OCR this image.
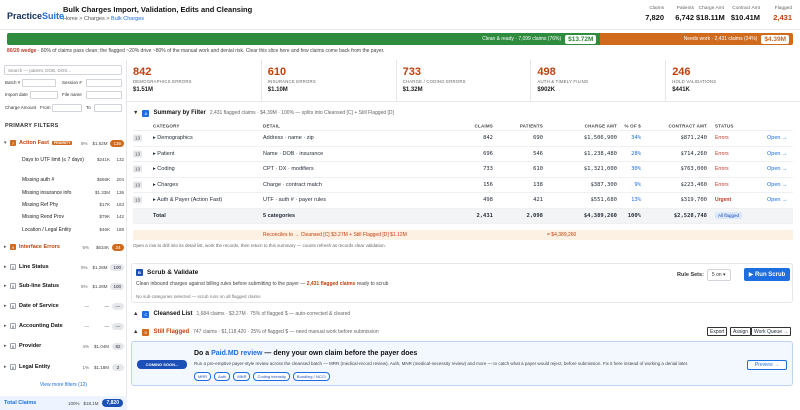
PracticeSuite
Bulk Charges Import, Validation, Edits and Cleansing
Home > Charges > Bulk Charges
Claims
7,820
Patients
6,742
Charge Amt
$18.11M
Contract Amt
$10.41M
Flagged
2,431
Clean & ready · 7,099 claims (76%)	$13.72M	Needs work · 2,431 claims (24%)	$4.39M
80/20 wedge · 80% of claims pass clean; the flagged ~20% drive ~80% of the manual work and denial risk. Clear this slice here and few claims come back from the payer.
Search — patient, DOB, DOS...
Batch #	Session #
Import date	File name
Charge Amount From	To
PRIMARY FILTERS
▾	7 Action Fast PRIORITY	8%	$1.62M	136
Days to UTF limit (≤ 7 days)	$241K	132
Missing auth #	$568K	204
Missing insurance info	$1.33M	136
Missing Ref Phy	$17K	163
Missing Rend Prov	$79K	142
Location / Legal Entity	$46K	188
▸	9 Interface Errors	5%	$634K	24
▸	5 Line Status	5%	$1.28M	100
▸	5 Sub-line Status	5%	$1.28M	100
▸	8 Date of Service	—	—	—
▸	8 Accounting Date	—	—	—
▸	8 Provider	4%	$1.04M	82
▸	8 Legal Entity	1%	$1.18M	2
View more filters (12)
Total Claims	100% $18.1M	7,820
842
DEMOGRAPHICS ERRORS
$1.51M
610
INSURANCE ERRORS
$1.10M
733
CHARGE / CODING ERRORS
$1.32M
498
AUTH & TIMELY FILING
$902K
246
HOLD VALIDATIONS
$441K
▼	A	Summary by Filter 2,431 flagged claims · $4.39M · 100% — splits into Cleansed [C] + Still Flagged [D]
CATEGORY	DETAIL	CLAIMS	PATIENTS	CHARGE AMT	% OF $	CONTRACT AMT STATUS
13	▸ Demographics	Address · name · zip	842	690	$1,506,900	34%	$871,240 Errors	Open →
13	▸ Patient	Name · DOB · insurance	696	546	$1,238,480	28%	$714,260 Errors	Open →
13	▸ Coding	CPT · DX · modifiers	733	610	$1,321,000	30%	$763,000 Errors	Open →
13	▸ Charges	Charge · contract match	156	138	$387,300	9%	$223,460 Errors	Open →
13	▸ Auth & Payer (Action Fast)	UTF · auth # · payer rules	498	421	$551,680	13%	$319,700 Urgent	Open →
Total	5 categories	2,431	2,098	$4,389,260	100%	$2,528,748	All flagged
Reconciles to → Cleansed [C] $3.27M + Still Flagged [D] $1.12M	= $4,389,260
Open a row to drill into its detail list, work the records, then return to this summary — counts refresh as records clear validation.
B Scrub & Validate
Clean inbound charges against billing rules before submitting to the payer — 2,431 flagged claims ready to scrub
No sub-categories selected — scrub runs on all flagged claims
Rule Sets:	5 on ▾	▶ Run Scrub
▲	C	Cleansed List 1,684 claims · $3.27M · 75% of flagged $ — auto-corrected & cleared
▲	D	Still Flagged 747 claims · $1,118,420 · 25% of flagged $ — need manual work before submission	Export	Assign	Work Queue →
COMING SOON...
Do a Paid.MD review — deny your own claim before the payer does
Run a pre-emptive payer-style review across the cleansed batch — MRR (medical-record review), Auth, MNR (medical-necessity review) and more — to catch what a payer would reject, before submission. Fix it here instead of working a denial later.
MRR	Auth	MNR	Coding intensity	Bundling / NCCI
Preview →
